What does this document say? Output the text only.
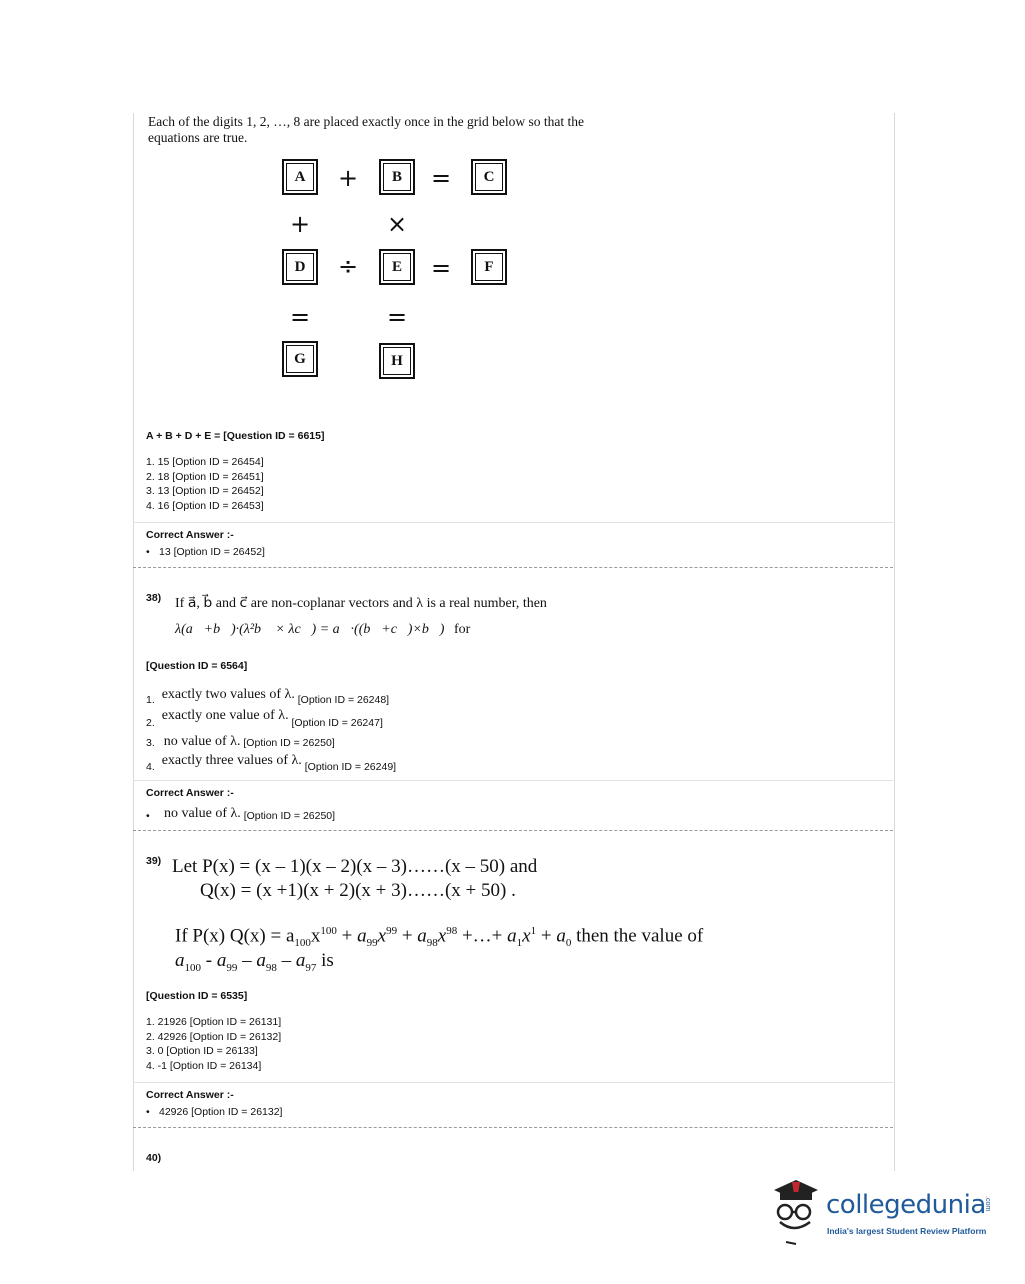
Each of the digits 1, 2, …, 8 are placed exactly once in the grid below so that the
equations are true.
A	+	B	=	C
+	×
D	÷	E	=	F
=	=
G	H
A + B + D + E = [Question ID = 6615]
1. 15 [Option ID = 26454]
2. 18 [Option ID = 26451]
3. 13 [Option ID = 26452]
4. 16 [Option ID = 26453]
Correct Answer :-
• 13 [Option ID = 26452]
38) If a⃗, b⃗ and c⃗ are non-coplanar vectors and λ is a real number, then
λ(a⃗+b⃗)·(λ²b⃗ × λc⃗) = a⃗·((b⃗+c⃗)×b⃗) for
[Question ID = 6564]
1. exactly two values of λ. [Option ID = 26248]
2. exactly one value of λ. [Option ID = 26247]
3. no value of λ. [Option ID = 26250]
4. exactly three values of λ. [Option ID = 26249]
Correct Answer :-
• no value of λ. [Option ID = 26250]
39) Let P(x) = (x – 1)(x – 2)(x – 3)……(x – 50) and
Q(x) = (x +1)(x + 2)(x + 3)……(x + 50) .
If P(x) $Q(x) = a_{100}x^{100} + a_{99}x^{99} + a_{98}x^{98}$ +…+ $a_1x^1 + a_0$ then the value of
$a_{100} - a_{99} - a_{98} - a_{97}$ is
[Question ID = 6535]
1. 21926 [Option ID = 26131]
2. 42926 [Option ID = 26132]
3. 0 [Option ID = 26133]
4. -1 [Option ID = 26134]
Correct Answer :-
• 42926 [Option ID = 26132]
40)
collegedunia
.com
India's largest Student Review Platform
